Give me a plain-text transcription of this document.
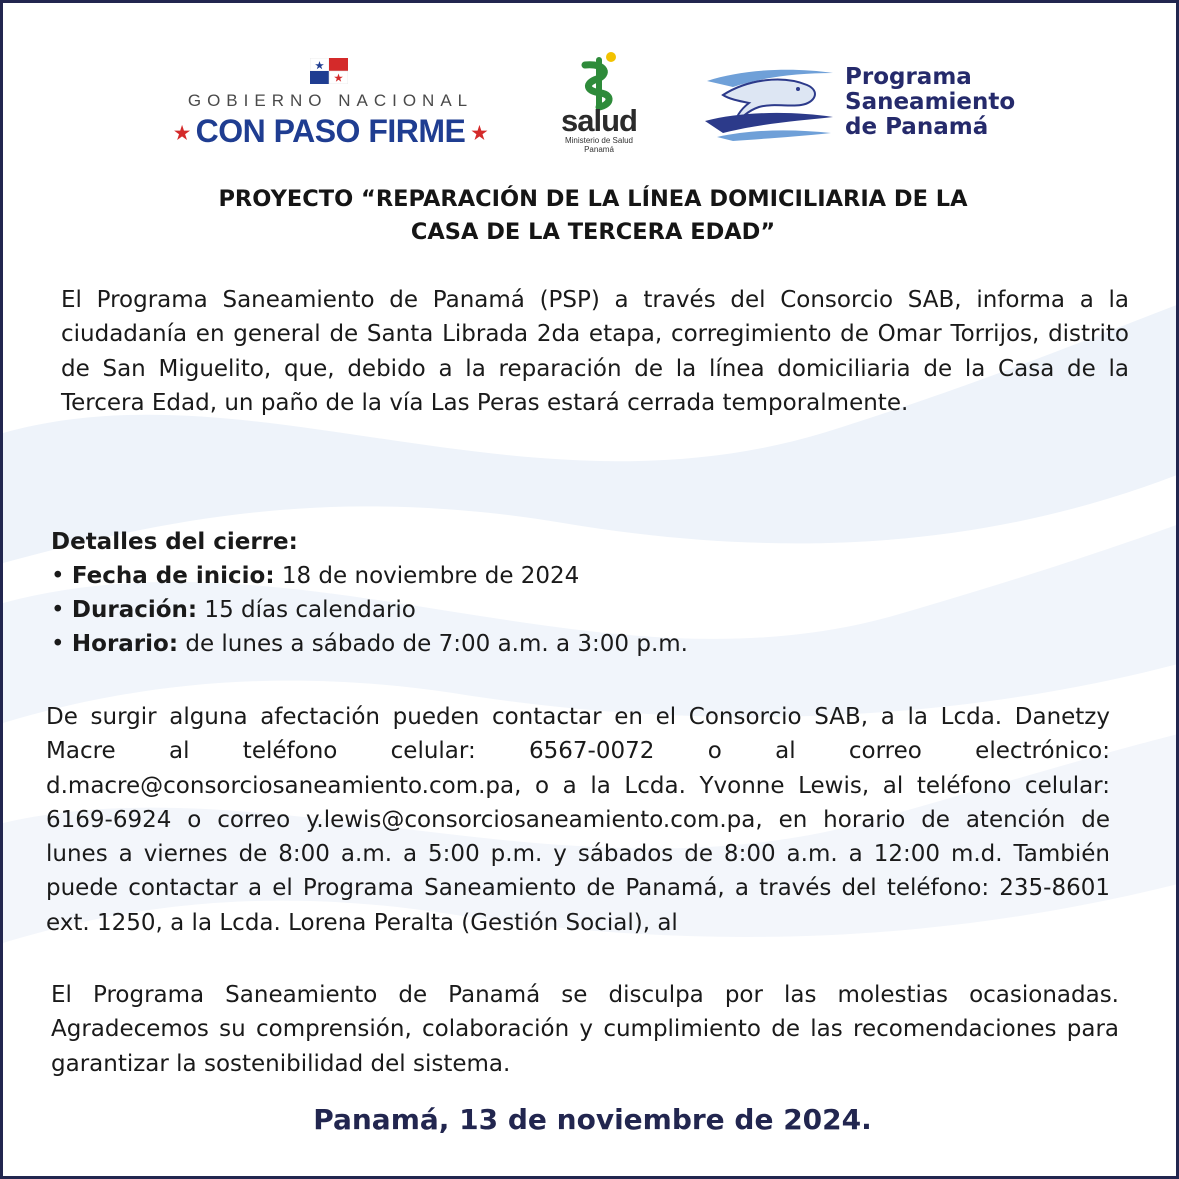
GOBIERNO NACIONAL
★ CON PASO FIRME ★	salud
Ministerio de Salud
Panamá
Programa
Saneamiento
de Panamá
PROYECTO “REPARACIÓN DE LA LÍNEA DOMICILIARIA DE LA
CASA DE LA TERCERA EDAD”
El Programa Saneamiento de Panamá (PSP) a través del Consorcio SAB, informa a la ciudadanía en general de Santa Librada 2da etapa, corregimiento de Omar Torrijos, distrito de San Miguelito, que, debido a la reparación de la línea domiciliaria de la Casa de la Tercera Edad, un paño de la vía Las Peras estará cerrada temporalmente.
Detalles del cierre:
• Fecha de inicio: 18 de noviembre de 2024
• Duración: 15 días calendario
• Horario: de lunes a sábado de 7:00 a.m. a 3:00 p.m.
De surgir alguna afectación pueden contactar en el Consorcio SAB, a la Lcda. Danetzy Macre al teléfono celular: 6567-0072 o al correo electrónico: d.macre@consorciosaneamiento.com.pa, o a la Lcda. Yvonne Lewis, al teléfono celular: 6169-6924 o correo y.lewis@consorciosaneamiento.com.pa, en horario de atención de lunes a viernes de 8:00 a.m. a 5:00 p.m. y sábados de 8:00 a.m. a 12:00 m.d. También puede contactar a el Programa Saneamiento de Panamá, a través del teléfono: 235-8601 ext. 1250, a la Lcda. Lorena Peralta (Gestión Social), al
El Programa Saneamiento de Panamá se disculpa por las molestias ocasionadas. Agradecemos su comprensión, colaboración y cumplimiento de las recomendaciones para garantizar la sostenibilidad del sistema.
Panamá, 13 de noviembre de 2024.
